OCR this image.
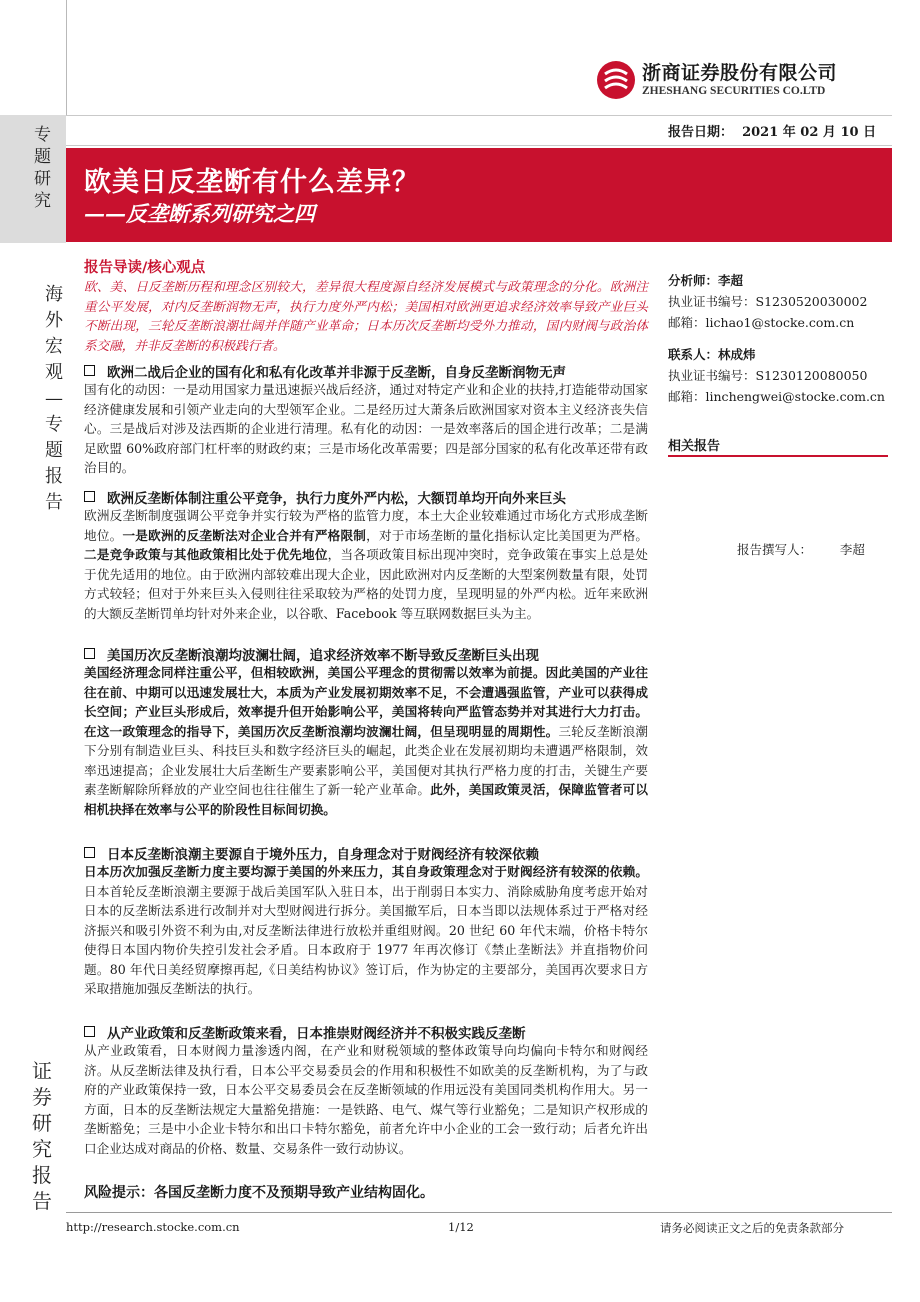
浙商证券股份有限公司
ZHESHANG SECURITIES CO.LTD
报告日期： 2021 年 02 月 10 日
专题研究
海外宏观—专题报告
证券研究报告
欧美日反垄断有什么差异？
——反垄断系列研究之四
报告导读/核心观点
欧、美、日反垄断历程和理念区别较大，差异很大程度源自经济发展模式与政策理念的分化。欧洲注重公平发展，对内反垄断润物无声，执行力度外严内松；美国相对欧洲更追求经济效率导致产业巨头不断出现，三轮反垄断浪潮壮阔并伴随产业革命；日本历次反垄断均受外力推动，国内财阀与政治体系交融，并非反垄断的积极践行者。
欧洲二战后企业的国有化和私有化改革并非源于反垄断，自身反垄断润物无声
国有化的动因：一是动用国家力量迅速振兴战后经济，通过对特定产业和企业的扶持,打造能带动国家经济健康发展和引领产业走向的大型领军企业。二是经历过大萧条后欧洲国家对资本主义经济丧失信心。三是战后对涉及法西斯的企业进行清理。私有化的动因：一是效率落后的国企进行改革；二是满足欧盟 60%政府部门杠杆率的财政约束；三是市场化改革需要；四是部分国家的私有化改革还带有政治目的。
欧洲反垄断体制注重公平竞争，执行力度外严内松，大额罚单均开向外来巨头
欧洲反垄断制度强调公平竞争并实行较为严格的监管力度，本土大企业较难通过市场化方式形成垄断地位。一是欧洲的反垄断法对企业合并有严格限制，对于市场垄断的量化指标认定比美国更为严格。二是竞争政策与其他政策相比处于优先地位，当各项政策目标出现冲突时，竞争政策在事实上总是处于优先适用的地位。由于欧洲内部较难出现大企业，因此欧洲对内反垄断的大型案例数量有限，处罚方式较轻；但对于外来巨头入侵则往往采取较为严格的处罚力度，呈现明显的外严内松。近年来欧洲的大额反垄断罚单均针对外来企业，以谷歌、Facebook 等互联网数据巨头为主。
美国历次反垄断浪潮均波澜壮阔，追求经济效率不断导致反垄断巨头出现
美国经济理念同样注重公平，但相较欧洲，美国公平理念的贯彻需以效率为前提。因此美国的产业往往在前、中期可以迅速发展壮大，本质为产业发展初期效率不足，不会遭遇强监管，产业可以获得成长空间；产业巨头形成后，效率提升但开始影响公平，美国将转向严监管态势并对其进行大力打击。在这一政策理念的指导下，美国历次反垄断浪潮均波澜壮阔，但呈现明显的周期性。三轮反垄断浪潮下分别有制造业巨头、科技巨头和数字经济巨头的崛起，此类企业在发展初期均未遭遇严格限制，效率迅速提高；企业发展壮大后垄断生产要素影响公平，美国便对其执行严格力度的打击，关键生产要素垄断解除所释放的产业空间也往往催生了新一轮产业革命。此外，美国政策灵活，保障监管者可以相机抉择在效率与公平的阶段性目标间切换。
日本反垄断浪潮主要源自于境外压力，自身理念对于财阀经济有较深依赖
日本历次加强反垄断力度主要均源于美国的外来压力，其自身政策理念对于财阀经济有较深的依赖。日本首轮反垄断浪潮主要源于战后美国军队入驻日本，出于削弱日本实力、消除威胁角度考虑开始对日本的反垄断法系进行改制并对大型财阀进行拆分。美国撤军后，日本当即以法规体系过于严格对经济振兴和吸引外资不利为由,对反垄断法律进行放松并重组财阀。20 世纪 60 年代末端，价格卡特尔使得日本国内物价失控引发社会矛盾。日本政府于 1977 年再次修订《禁止垄断法》并直指物价问题。80 年代日美经贸摩擦再起,《日美结构协议》签订后，作为协定的主要部分，美国再次要求日方采取措施加强反垄断法的执行。
从产业政策和反垄断政策来看，日本推崇财阀经济并不积极实践反垄断
从产业政策看，日本财阀力量渗透内阁，在产业和财税领域的整体政策导向均偏向卡特尔和财阀经济。从反垄断法律及执行看，日本公平交易委员会的作用和积极性不如欧美的反垄断机构，为了与政府的产业政策保持一致，日本公平交易委员会在反垄断领域的作用远没有美国同类机构作用大。另一方面，日本的反垄断法规定大量豁免措施：一是铁路、电气、煤气等行业豁免；二是知识产权形成的垄断豁免；三是中小企业卡特尔和出口卡特尔豁免，前者允许中小企业的工会一致行动；后者允许出口企业达成对商品的价格、数量、交易条件一致行动协议。
风险提示：各国反垄断力度不及预期导致产业结构固化。
分析师：李超
执业证书编号：S1230520030002
邮箱：lichao1@stocke.com.cn
联系人：林成炜
执业证书编号：S1230120080050
邮箱：linchengwei@stocke.com.cn
相关报告
报告撰写人： 李超
http://research.stocke.com.cn	1/12	请务必阅读正文之后的免责条款部分
